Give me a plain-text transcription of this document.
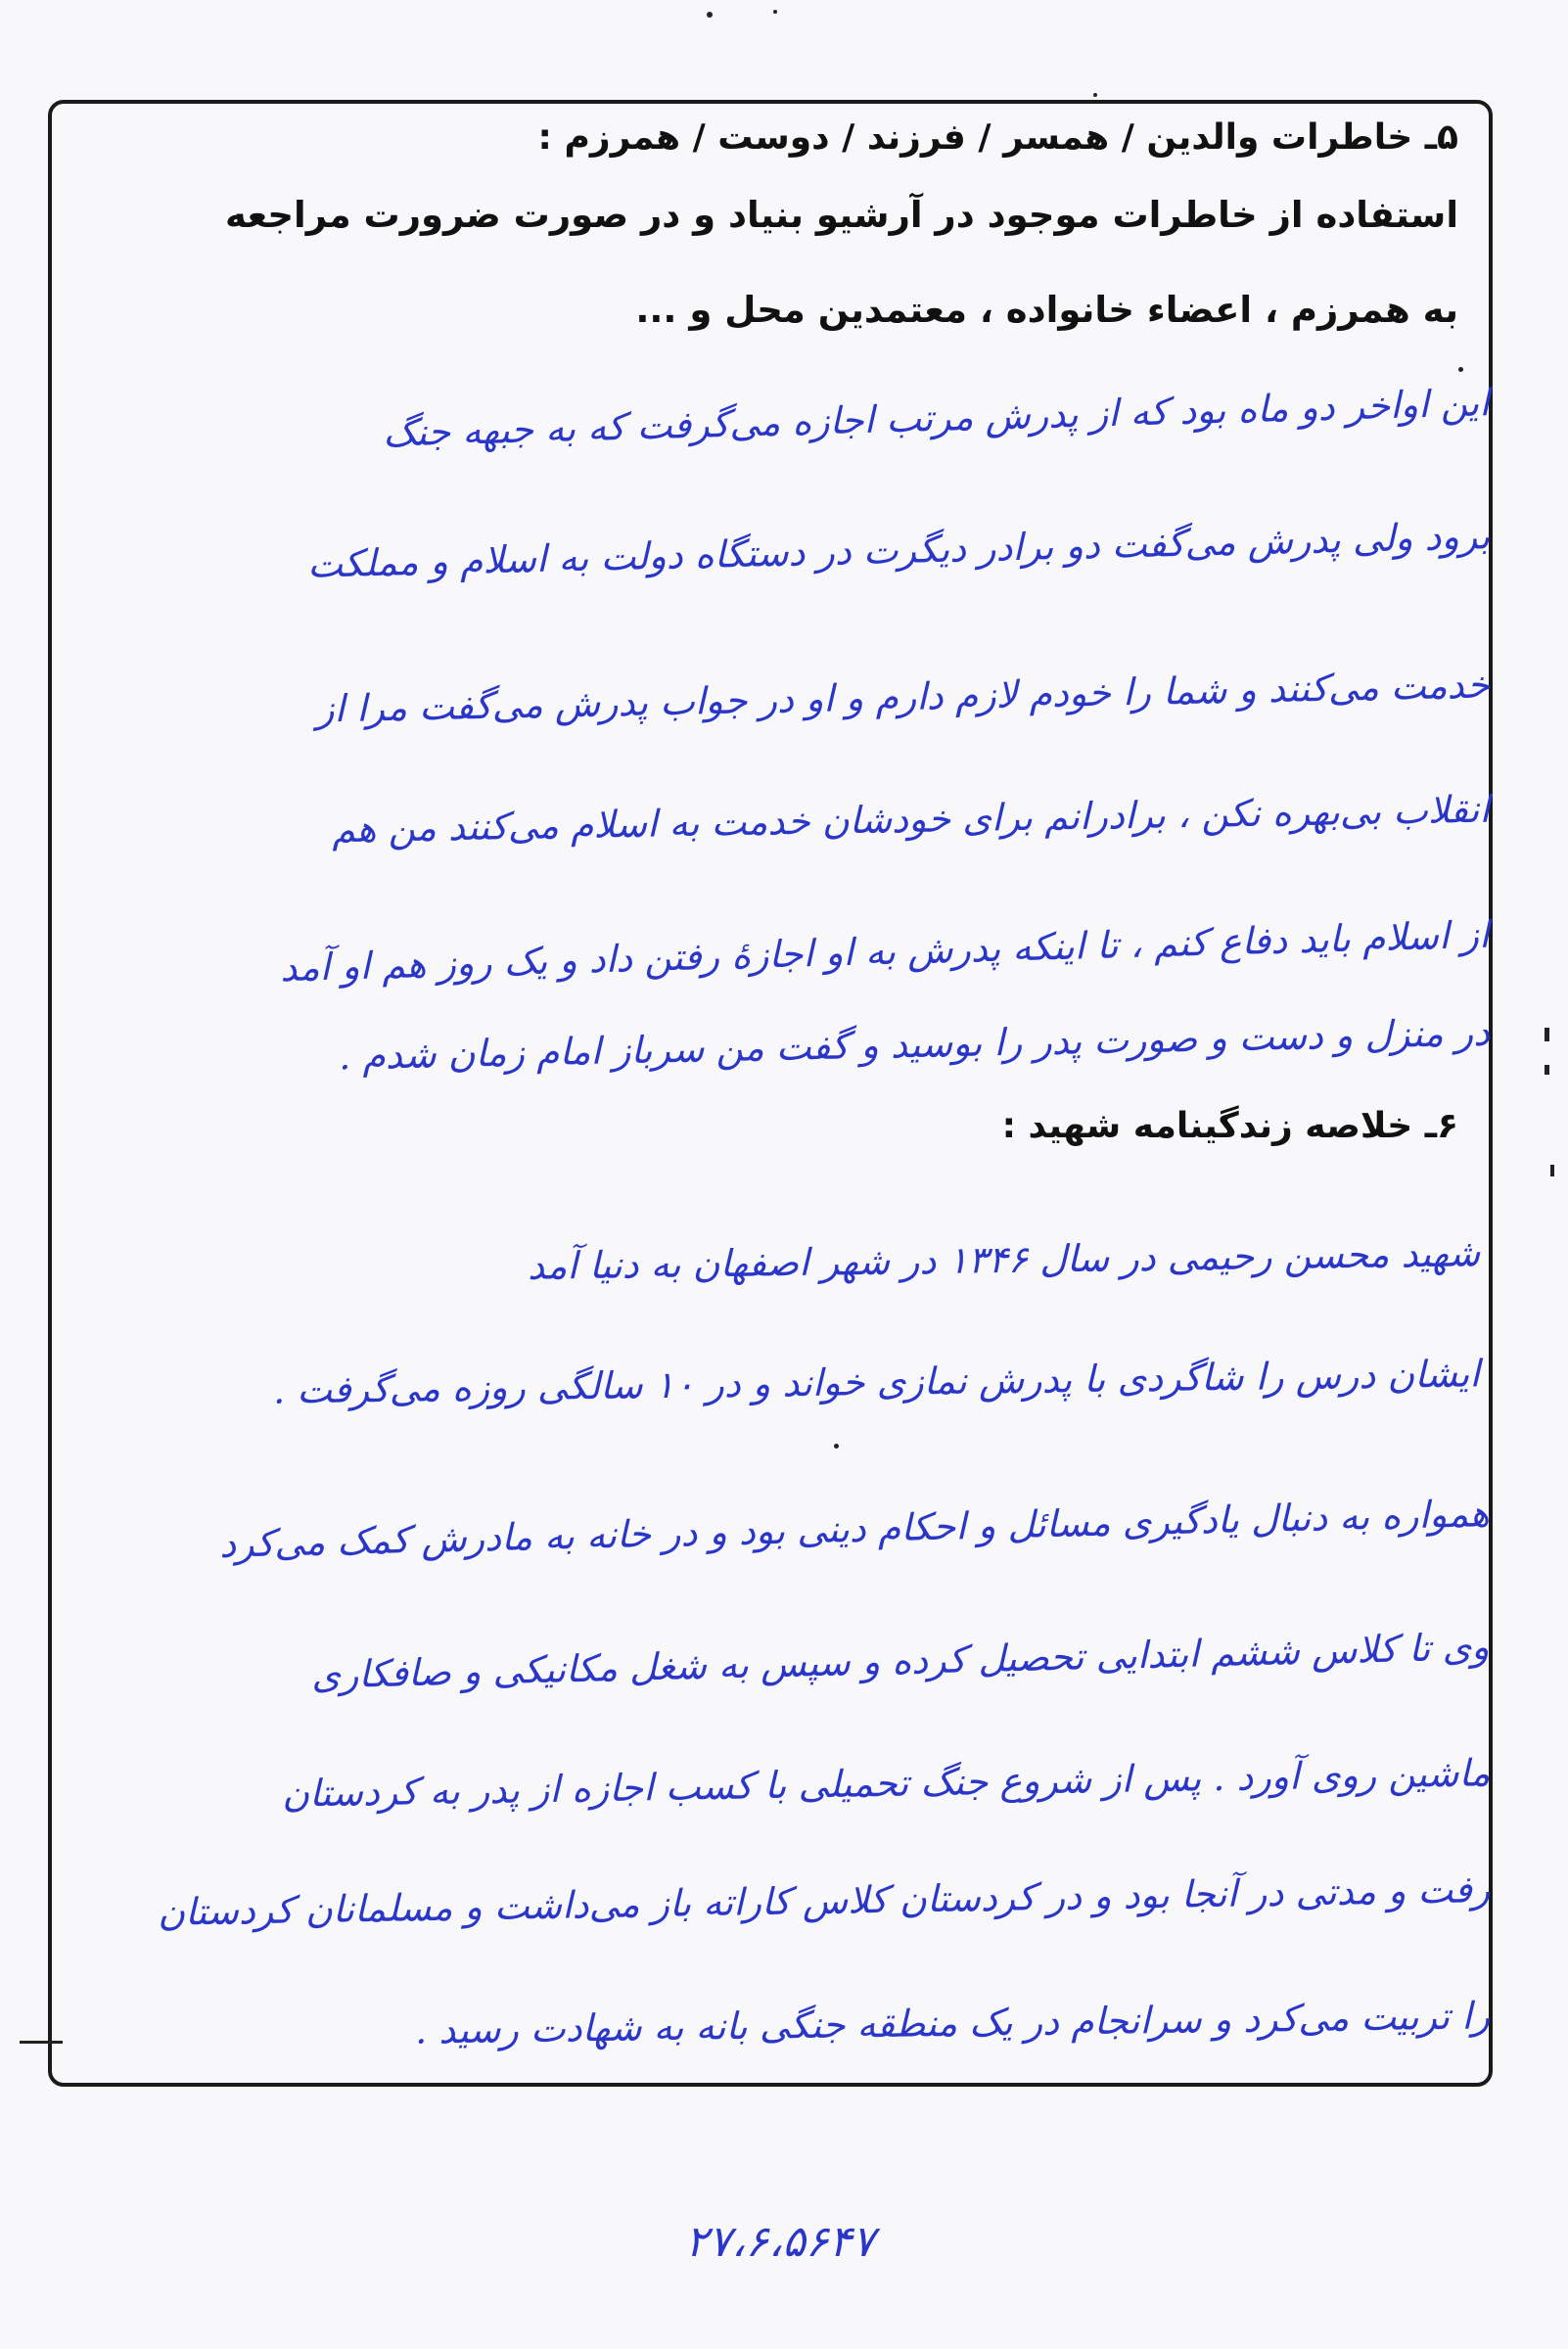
۵ـ خاطرات والدین / همسر / فرزند / دوست / همرزم :
استفاده از خاطرات موجود در آرشیو بنیاد و در صورت ضرورت مراجعه
به همرزم ، اعضاء خانواده ، معتمدین محل و ...
این اواخر دو ماه بود که از پدرش مرتب اجازه می‌گرفت که به جبهه جنگ
برود ولی پدرش می‌گفت دو برادر دیگرت در دستگاه دولت به اسلام و مملکت
خدمت می‌کنند و شما را خودم لازم دارم و او در جواب پدرش می‌گفت مرا از
انقلاب بی‌بهره نکن ، برادرانم برای خودشان خدمت به اسلام می‌کنند من هم
از اسلام باید دفاع کنم ، تا اینکه پدرش به او اجازهٔ رفتن داد و یک روز هم او آمد
در منزل و دست و صورت پدر را بوسید و گفت من سرباز امام زمان شدم .
۶ـ خلاصه زندگینامه شهید :
شهید محسن رحیمی در سال ۱۳۴۶ در شهر اصفهان به دنیا آمد
ایشان درس را شاگردی با پدرش نمازی خواند و در ۱۰ سالگی روزه می‌گرفت .
همواره به دنبال یادگیری مسائل و احکام دینی بود و در خانه به مادرش کمک می‌کرد
وی تا کلاس ششم ابتدایی تحصیل کرده و سپس به شغل مکانیکی و صافکاری
ماشین روی آورد . پس از شروع جنگ تحمیلی با کسب اجازه از پدر به کردستان
رفت و مدتی در آنجا بود و در کردستان کلاس کاراته باز می‌داشت و مسلمانان کردستان
را تربیت می‌کرد و سرانجام در یک منطقه جنگی بانه به شهادت رسید .
۲۷،۶،۵۶۴۷
